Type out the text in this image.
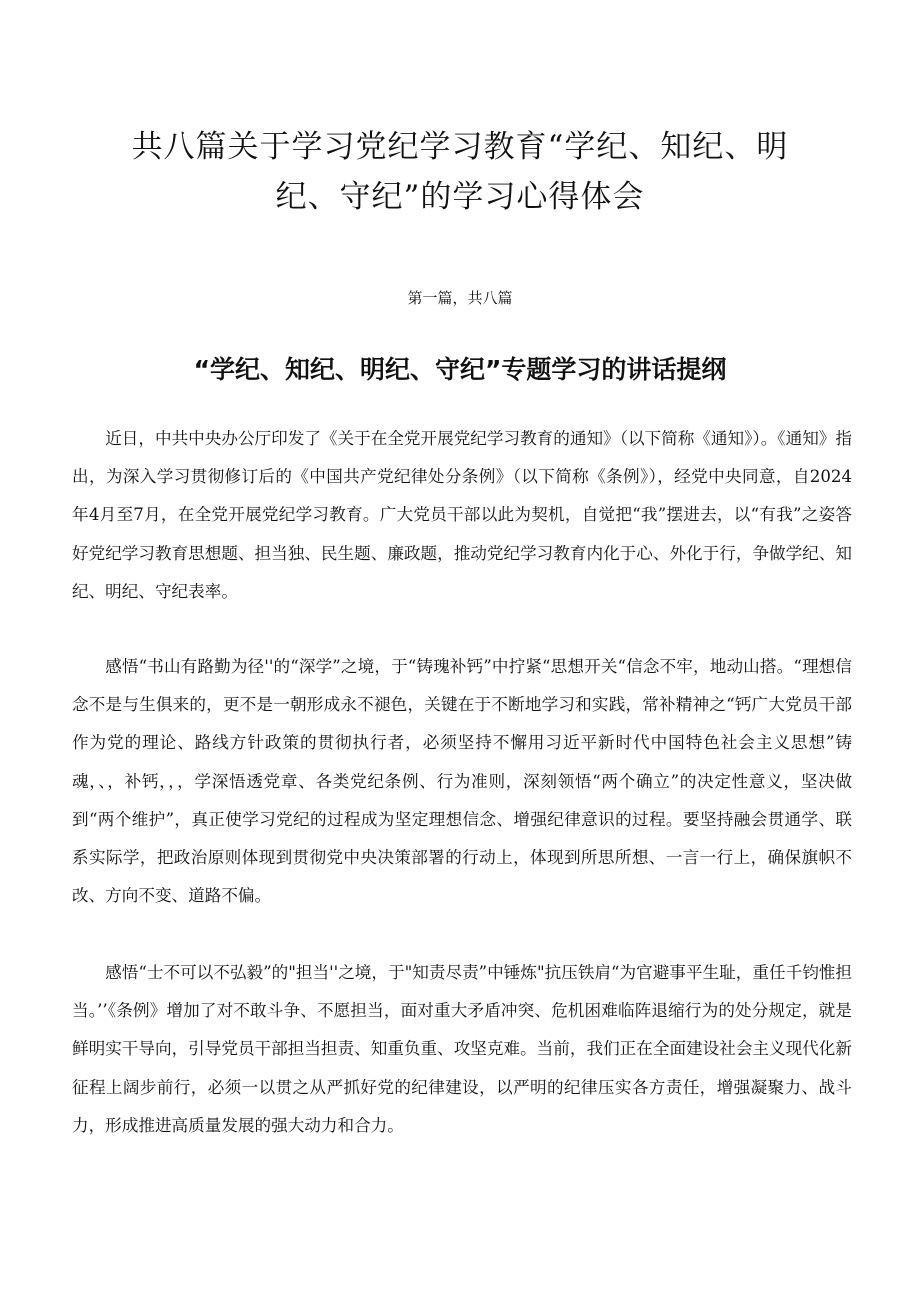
共八篇关于学习党纪学习教育“学纪、知纪、明纪、守纪”的学习心得体会

第一篇，共八篇

“学纪、知纪、明纪、守纪”专题学习的讲话提纲

近日，中共中央办公厅印发了《关于在全党开展党纪学习教育的通知》（以下简称《通知》）。《通知》指出，为深入学习贯彻修订后的《中国共产党纪律处分条例》（以下简称《条例》），经党中央同意，自2024年4月至7月，在全党开展党纪学习教育。广大党员干部以此为契机，自觉把“我”摆进去，以“有我”之姿答好党纪学习教育思想题、担当独、民生题、廉政题，推动党纪学习教育内化于心、外化于行，争做学纪、知纪、明纪、守纪表率。

感悟“书山有路勤为径''的“深学”之境，于“铸瑰补钙”中拧紧“思想开关“信念不牢，地动山搭。“理想信念不是与生俱来的，更不是一朝形成永不褪色，关键在于不断地学习和实践，常补精神之“钙广大党员干部作为党的理论、路线方针政策的贯彻执行者，必须坚持不懈用习近平新时代中国特色社会主义思想”铸魂，、，补钙，，，学深悟透党章、各类党纪条例、行为准则，深刻领悟“两个确立”的决定性意义，坚决做到“两个维护”，真正使学习党纪的过程成为坚定理想信念、增强纪律意识的过程。要坚持融会贯通学、联系实际学，把政治原则体现到贯彻党中央决策部署的行动上，体现到所思所想、一言一行上，确保旗帜不改、方向不变、道路不偏。

感悟“士不可以不弘毅”的"担当''之境，于"知责尽责”中锤炼"抗压铁肩“为官避事平生耻，重任千钧惟担当。’’《条例》增加了对不敢斗争、不愿担当，面对重大矛盾冲突、危机困难临阵退缩行为的处分规定，就是鲜明实干导向，引导党员干部担当担责、知重负重、攻坚克难。当前，我们正在全面建设社会主义现代化新征程上阔步前行，必须一以贯之从严抓好党的纪律建设，以严明的纪律压实各方责任，增强凝聚力、战斗力，形成推进高质量发展的强大动力和合力。
